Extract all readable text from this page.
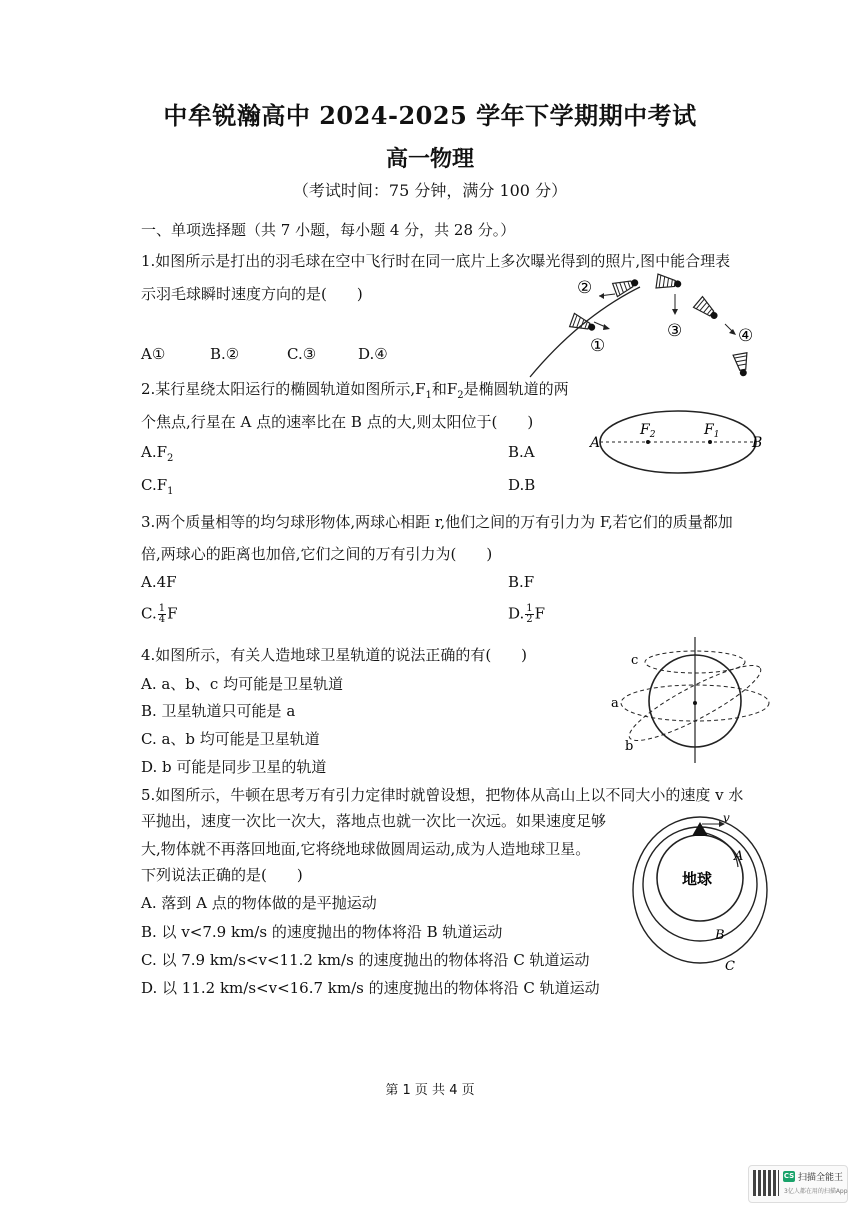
中牟锐瀚高中 2024-2025 学年下学期期中考试
高一物理
（考试时间：75 分钟，满分 100 分）
一、单项选择题（共 7 小题，每小题 4 分，共 28 分。）
1.如图所示是打出的羽毛球在空中飞行时在同一底片上多次曝光得到的照片,图中能合理表
示羽毛球瞬时速度方向的是(　　)
A①	B.②	C.③	D.④
②
①
③	④
2.某行星绕太阳运行的椭圆轨道如图所示$,F_1$和$F_2$是椭圆轨道的两
个焦点,行星在 A 点的速率比在 B 点的大,则太阳位于(　　)
$A.F_2$	B.A
$C.F_1$	D.B
A	B
$F_2$	$F_1$
3.两个质量相等的均匀球形物体,两球心相距 r,他们之间的万有引力为 F,若它们的质量都加
倍,两球心的距离也加倍,它们之间的万有引力为(　　)
A.4F	B.F
C. $\frac{1}{4}$ F	D. $\frac{1}{2}$ F
4.如图所示，有关人造地球卫星轨道的说法正确的有(　　)
A. a、b、c 均可能是卫星轨道
B. 卫星轨道只可能是 a
C. a、b 均可能是卫星轨道
D. b 可能是同步卫星的轨道
c
a
b
5.如图所示，牛顿在思考万有引力定律时就曾设想，把物体从高山上以不同大小的速度 v 水
平抛出，速度一次比一次大，落地点也就一次比一次远。如果速度足够
大,物体就不再落回地面,它将绕地球做圆周运动,成为人造地球卫星。
下列说法正确的是(　　)
A. 落到 A 点的物体做的是平抛运动
B. 以 v<7.9 km/s 的速度抛出的物体将沿 B 轨道运动
C. 以 7.9 km/s<v<11.2 km/s 的速度抛出的物体将沿 C 轨道运动
D. 以 11.2 km/s<v<16.7 km/s 的速度抛出的物体将沿 C 轨道运动
v
A
B
C
地球
第 1 页 共 4 页
CS 扫描全能王
3亿人都在用的扫描App
